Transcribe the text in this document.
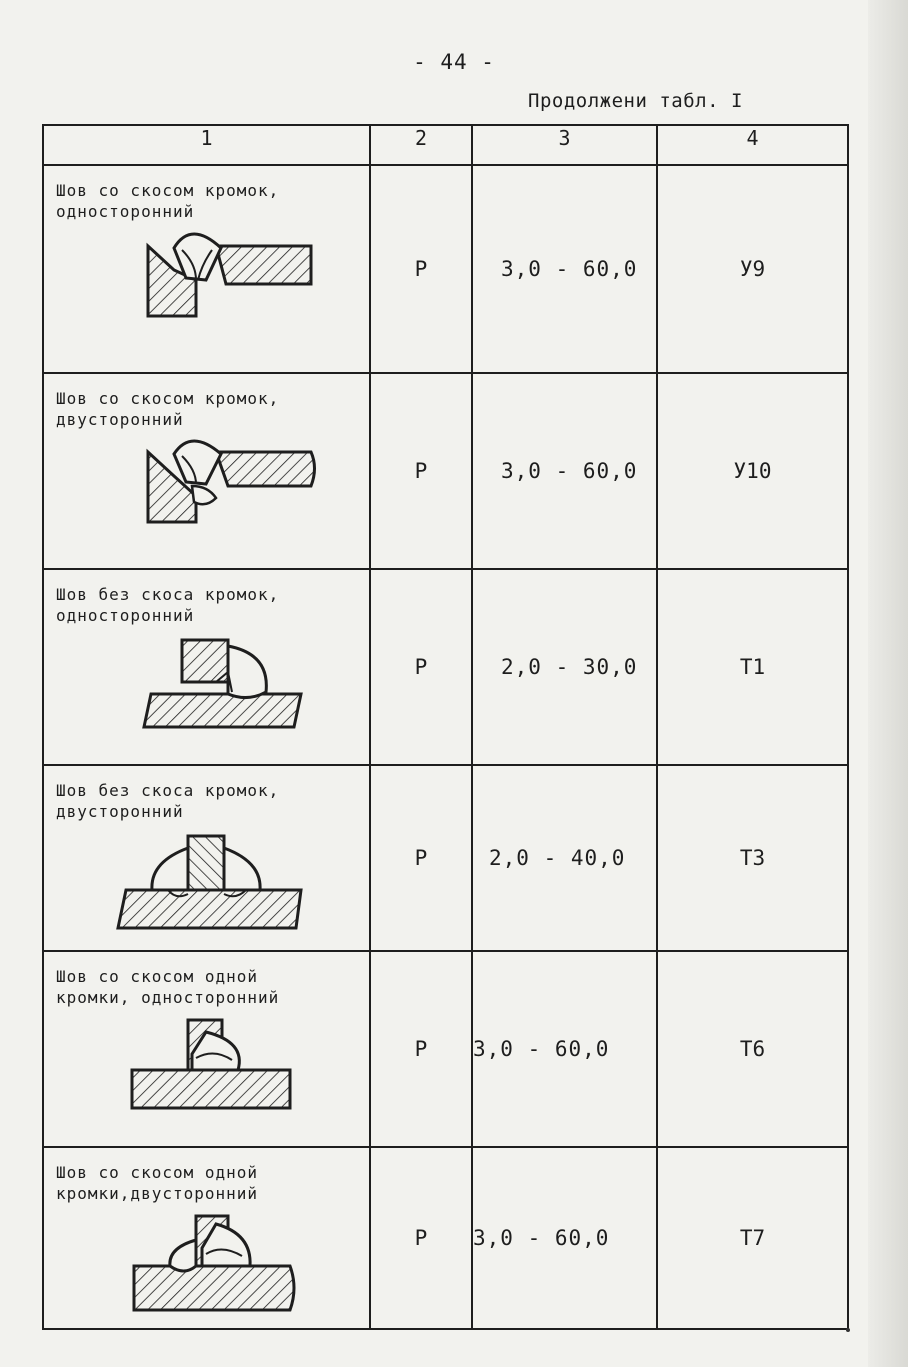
- 44 -
Продолжени табл. I
1	2	3	4

Шов со скосом кромок,
односторонний	Р	3,0 - 60,0	У9

Шов со скосом кромок,
двусторонний	Р	3,0 - 60,0	У10

Шов без скоса кромок,
односторонний	Р	2,0 - 30,0	Т1

Шов без скоса кромок,
двусторонний	Р	2,0 - 40,0	Т3

Шов со скосом одной
кромки, односторонний	Р	3,0 - 60,0	Т6

Шов со скосом одной
кромки,двусторонний	Р	3,0 - 60,0	Т7
